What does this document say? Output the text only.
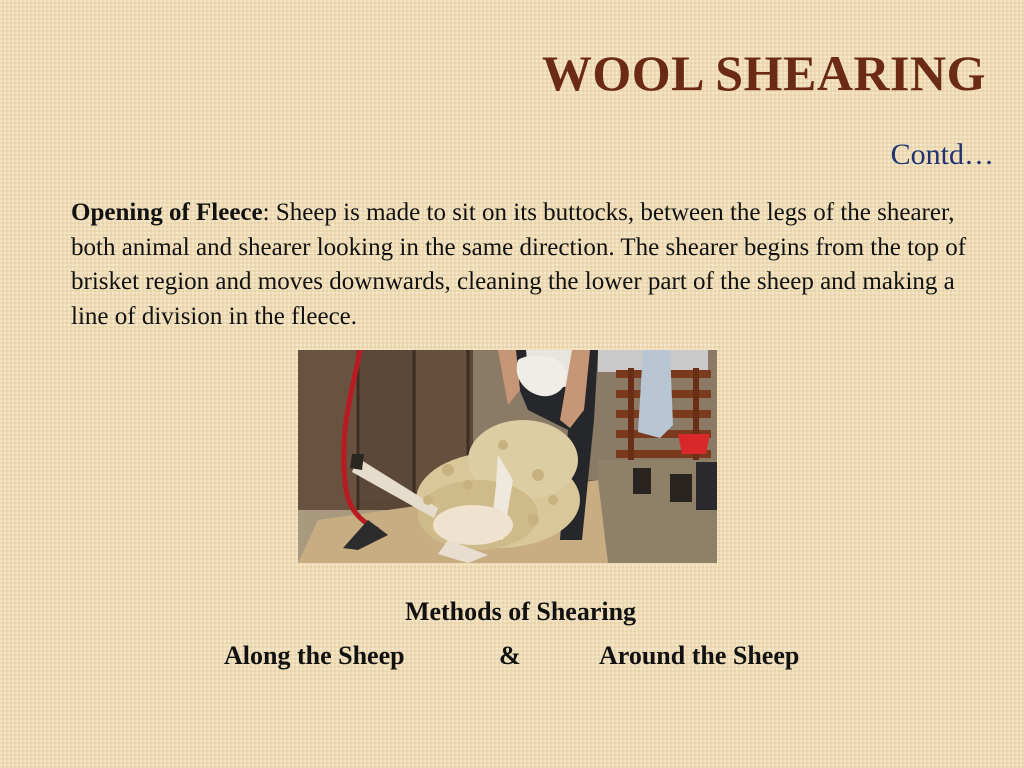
WOOL SHEARING
Contd…

Opening of Fleece: Sheep is made to sit on its buttocks, between the legs of the shearer, both animal and shearer looking in the same direction. The shearer begins from the top of brisket region and moves downwards, cleaning the lower part of the sheep and making a line of division in the fleece.

Methods of Shearing
Along the Sheep	&	Around the Sheep
